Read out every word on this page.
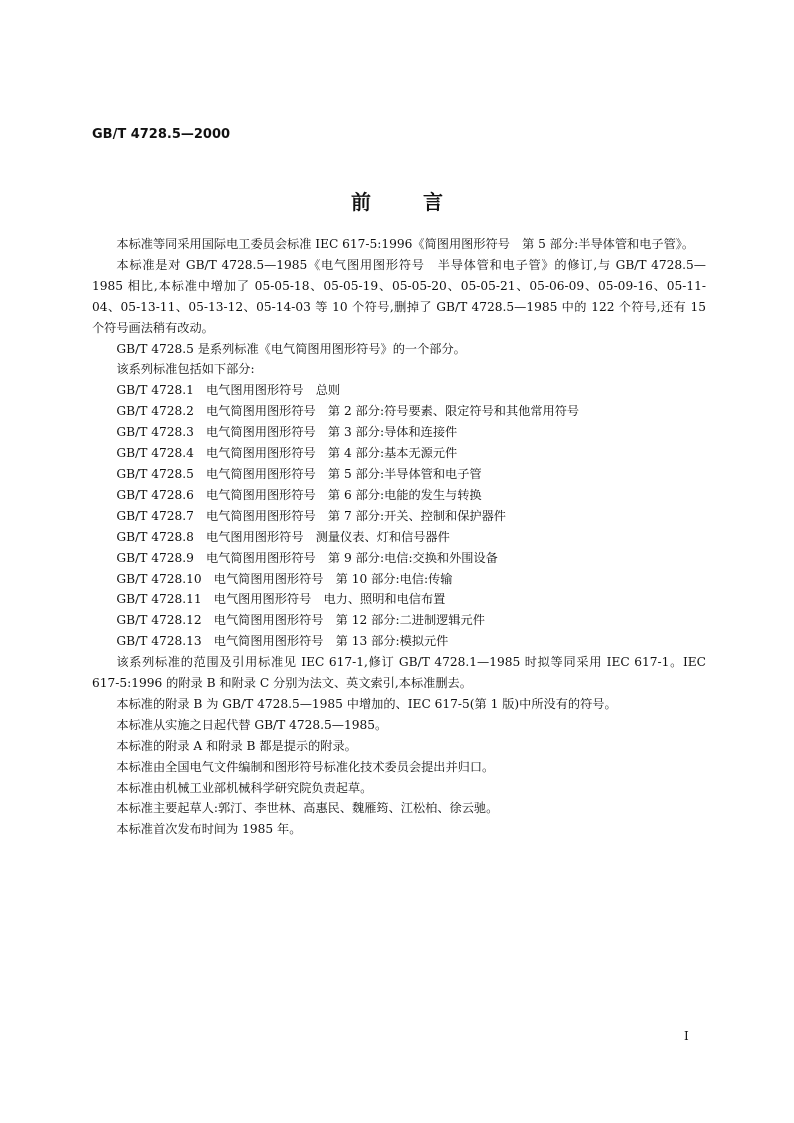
GB/T 4728.5—2000
前言

本标准等同采用国际电工委员会标准 IEC 617-5:1996《简图用图形符号　第 5 部分:半导体管和电子管》。

本标准是对 GB/T 4728.5—1985《电气图用图形符号　半导体管和电子管》的修订,与 GB/T 4728.5—1985 相比,本标准中增加了 05-05-18、05-05-19、05-05-20、05-05-21、05-06-09、05-09-16、05-11-04、05-13-11、05-13-12、05-14-03 等 10 个符号,删掉了 GB/T 4728.5—1985 中的 122 个符号,还有 15 个符号画法稍有改动。

GB/T 4728.5 是系列标准《电气简图用图形符号》的一个部分。

该系列标准包括如下部分:

GB/T 4728.1　电气图用图形符号　总则

GB/T 4728.2　电气简图用图形符号　第 2 部分:符号要素、限定符号和其他常用符号

GB/T 4728.3　电气简图用图形符号　第 3 部分:导体和连接件

GB/T 4728.4　电气简图用图形符号　第 4 部分:基本无源元件

GB/T 4728.5　电气简图用图形符号　第 5 部分:半导体管和电子管

GB/T 4728.6　电气简图用图形符号　第 6 部分:电能的发生与转换

GB/T 4728.7　电气简图用图形符号　第 7 部分:开关、控制和保护器件

GB/T 4728.8　电气图用图形符号　测量仪表、灯和信号器件

GB/T 4728.9　电气简图用图形符号　第 9 部分:电信:交换和外围设备

GB/T 4728.10　电气简图用图形符号　第 10 部分:电信:传输

GB/T 4728.11　电气图用图形符号　电力、照明和电信布置

GB/T 4728.12　电气简图用图形符号　第 12 部分:二进制逻辑元件

GB/T 4728.13　电气简图用图形符号　第 13 部分:模拟元件

该系列标准的范围及引用标准见 IEC 617-1,修订 GB/T 4728.1—1985 时拟等同采用 IEC 617-1。IEC 617-5:1996 的附录 B 和附录 C 分别为法文、英文索引,本标准删去。

本标准的附录 B 为 GB/T 4728.5—1985 中增加的、IEC 617-5(第 1 版)中所没有的符号。

本标准从实施之日起代替 GB/T 4728.5—1985。

本标准的附录 A 和附录 B 都是提示的附录。

本标准由全国电气文件编制和图形符号标准化技术委员会提出并归口。

本标准由机械工业部机械科学研究院负责起草。

本标准主要起草人:郭汀、李世林、高惠民、魏雁筠、江松柏、徐云驰。

本标准首次发布时间为 1985 年。

I
